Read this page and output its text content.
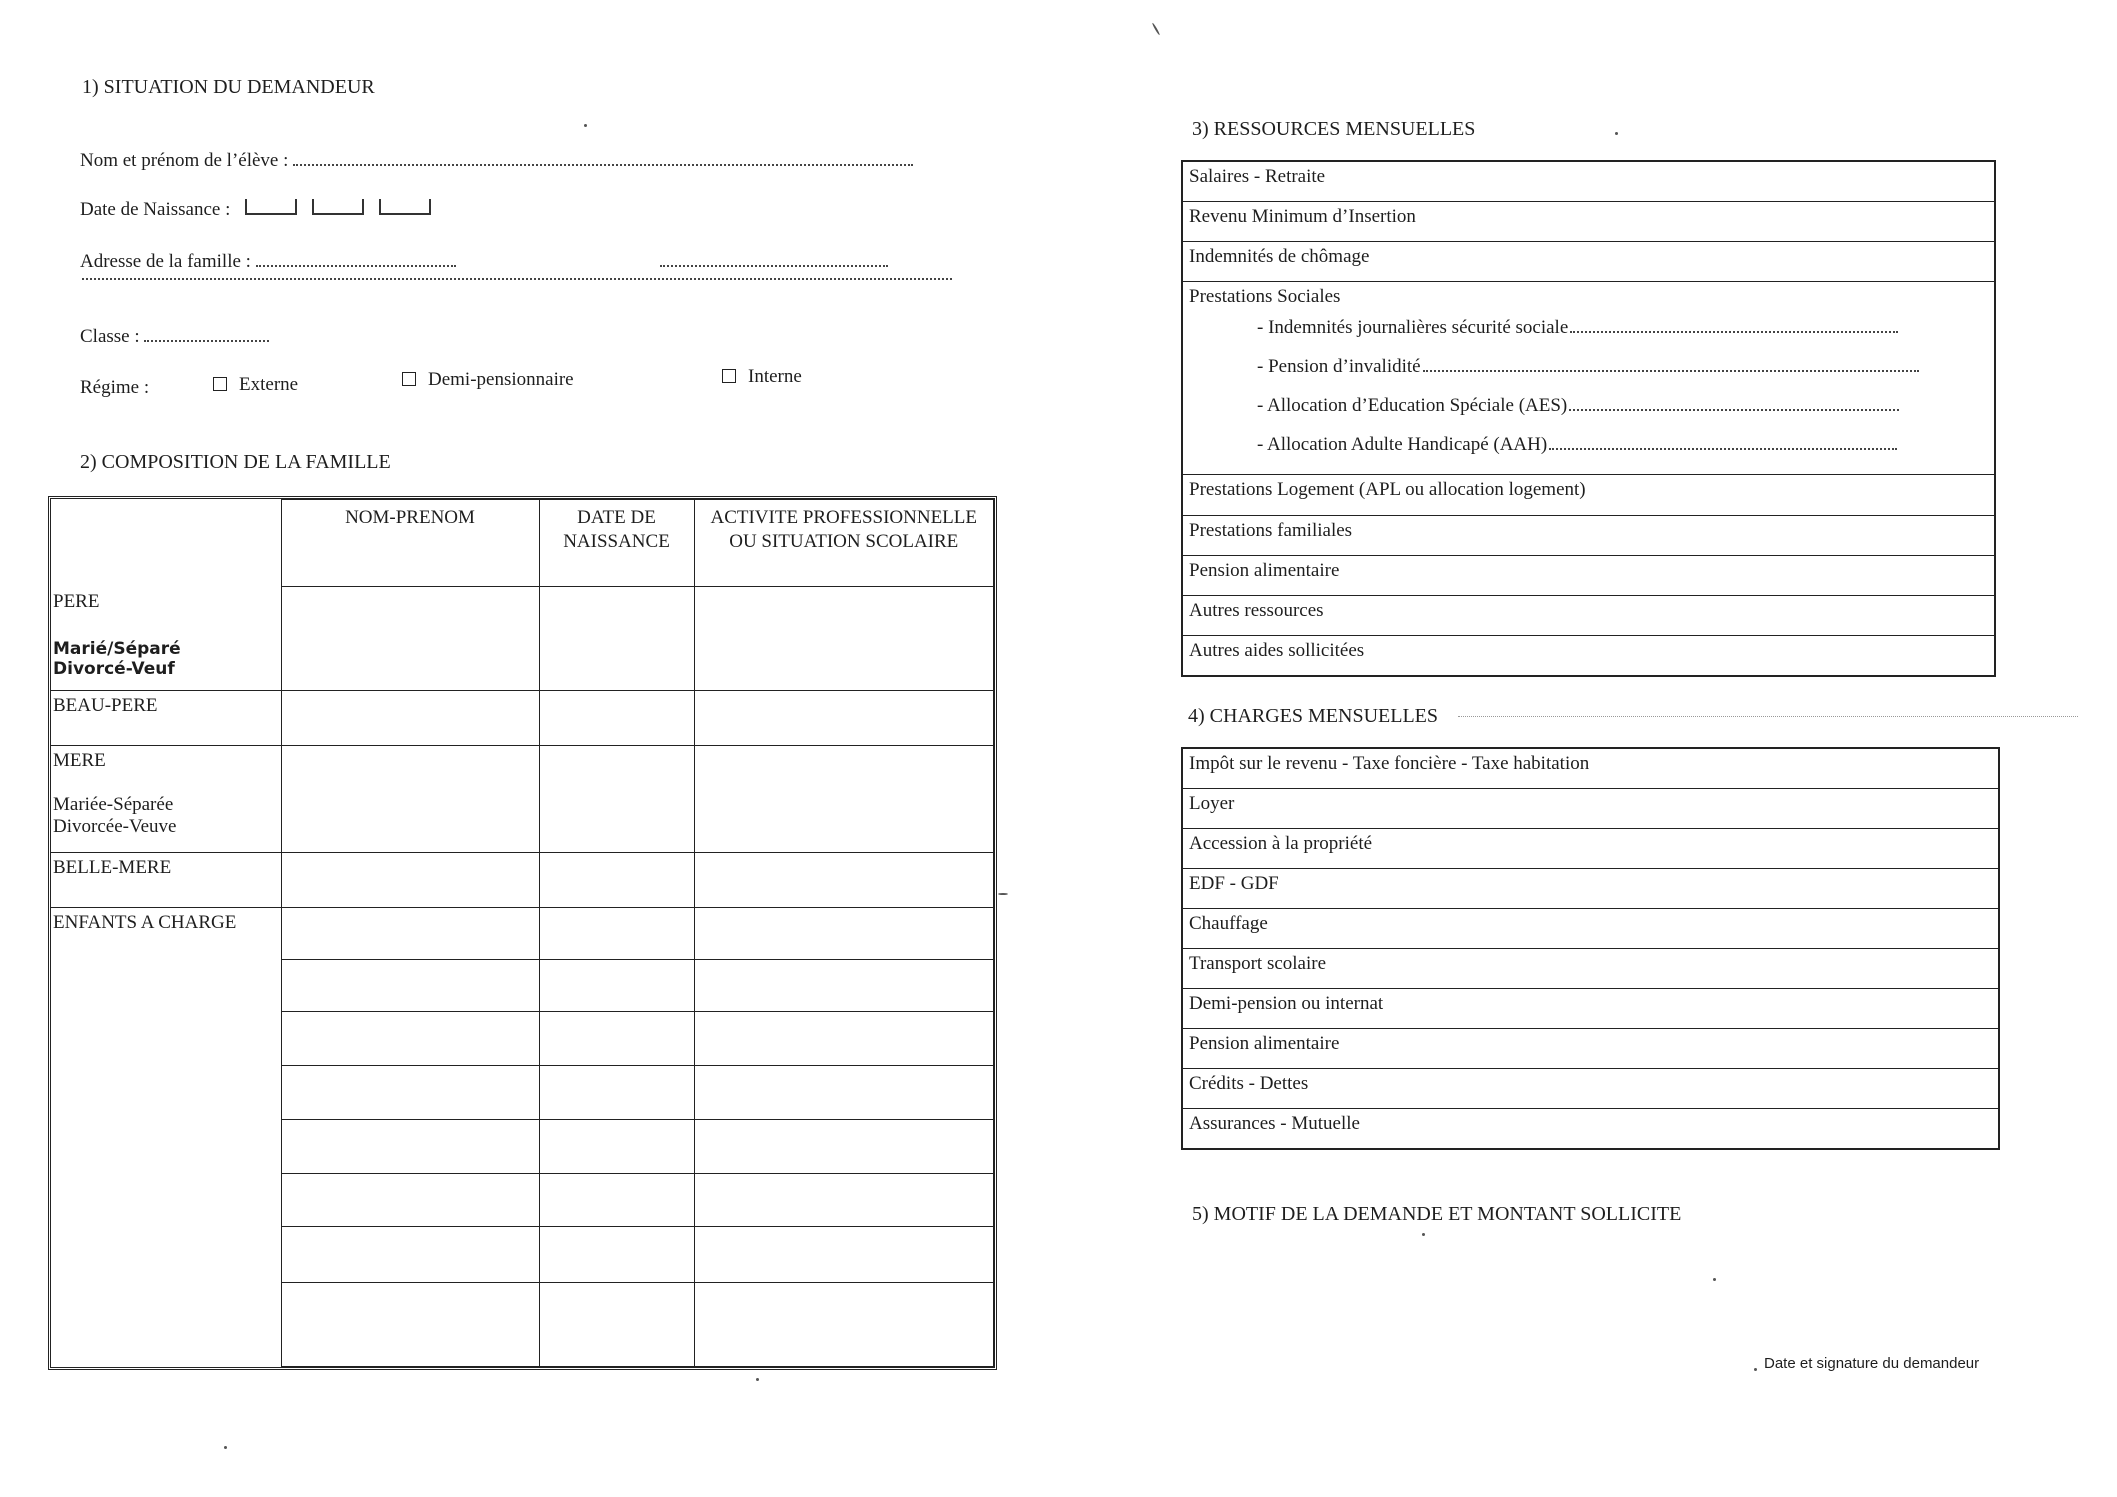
1) SITUATION DU DEMANDEUR
Nom et prénom de l’élève :
Date de Naissance :
Adresse de la famille :
Classe :
Régime :	Externe	Demi-pensionnaire	Interne
2) COMPOSITION DE LA FAMILLE
	NOM-PRENOM	DATE DE NAISSANCE	ACTIVITE PROFESSIONNELLE OU SITUATION SCOLAIRE

PERE
Marié/Séparé
Divorcé-Veuf			

BEAU-PERE			

MERE
Mariée-Séparée
Divorcée-Veuve			

BELLE-MERE			
ENFANTS A CHARGE			

3) RESSOURCES MENSUELLES
Salaires - Retraite
Revenu Minimum d’Insertion
Indemnités de chômage

Prestations Sociales
- Indemnités journalières sécurité sociale
- Pension d’invalidité
- Allocation d’Education Spéciale (AES)
- Allocation Adulte Handicapé (AAH)

Prestations Logement (APL ou allocation logement)
Prestations familiales
Pension alimentaire
Autres ressources
Autres aides sollicitées
4) CHARGES MENSUELLES
Impôt sur le revenu - Taxe foncière - Taxe habitation
Loyer
Accession à la propriété
EDF - GDF
Chauffage
Transport scolaire
Demi-pension ou internat
Pension alimentaire
Crédits - Dettes
Assurances - Mutuelle
5) MOTIF DE LA DEMANDE ET MONTANT SOLLICITE
Date et signature du demandeur
